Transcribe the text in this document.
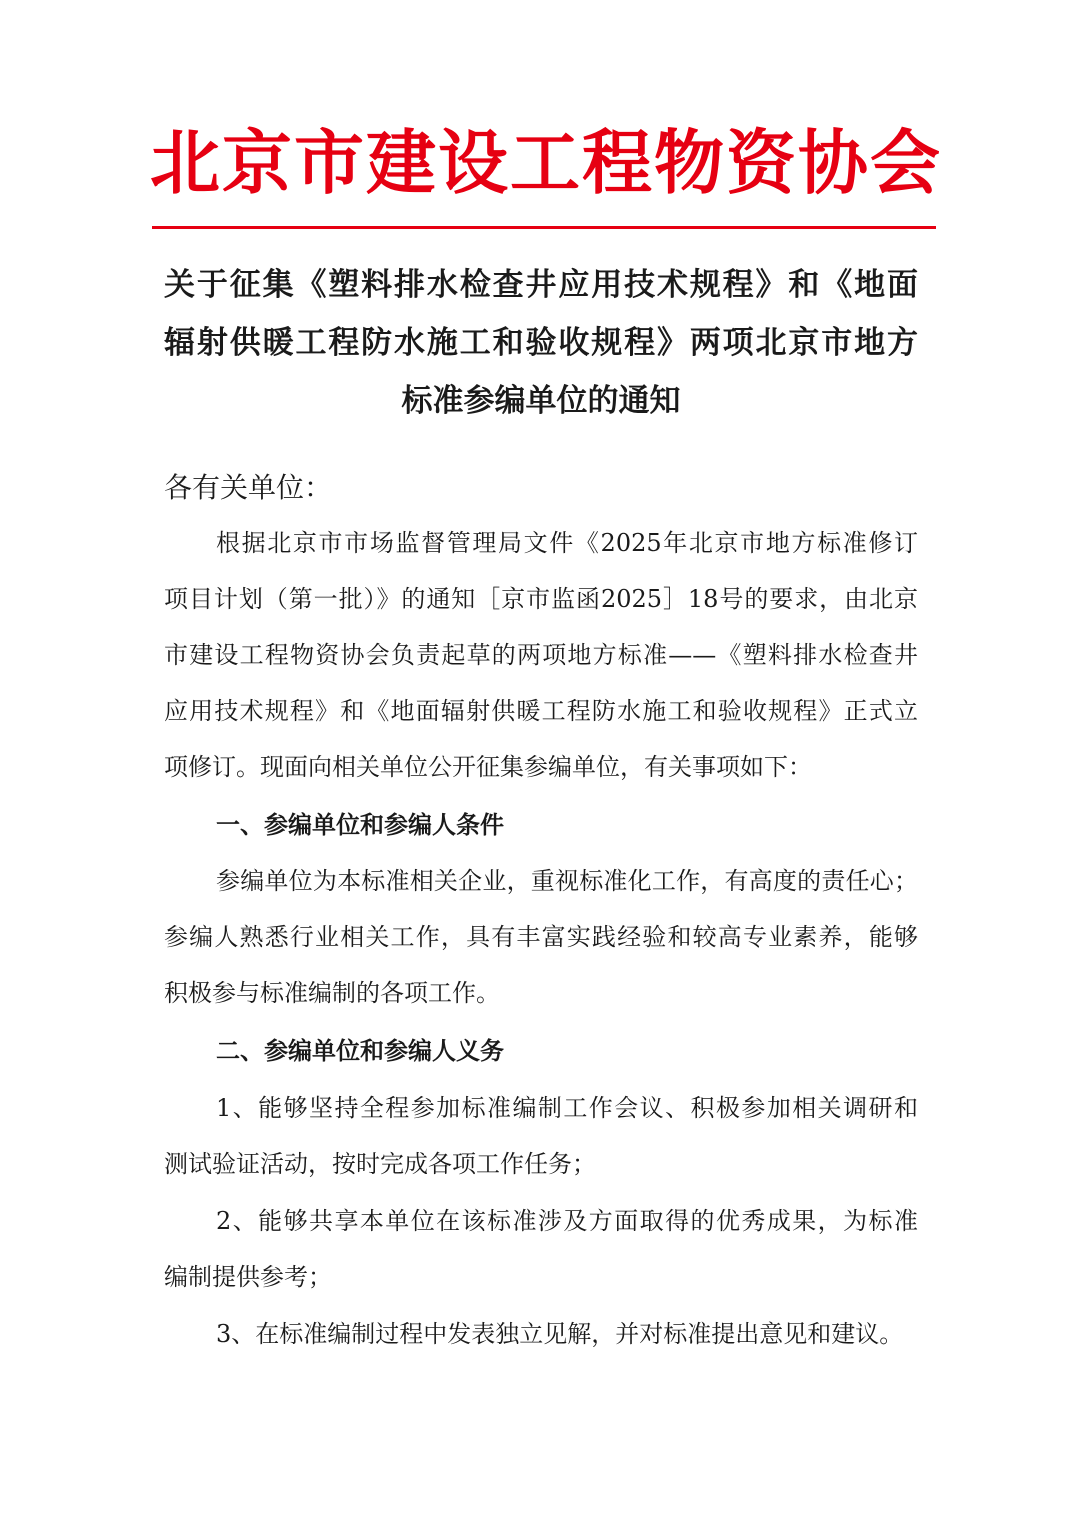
北京市建设工程物资协会
关于征集《塑料排水检查井应用技术规程》和《地面
辐射供暖工程防水施工和验收规程》两项北京市地方
标准参编单位的通知
各有关单位：
根据北京市市场监督管理局文件《2025年北京市地方标准修订
项目计划（第一批）》的通知［京市监函2025］18号的要求，由北京
市建设工程物资协会负责起草的两项地方标准——《塑料排水检查井
应用技术规程》和《地面辐射供暖工程防水施工和验收规程》正式立
项修订。现面向相关单位公开征集参编单位，有关事项如下：
一、参编单位和参编人条件
参编单位为本标准相关企业，重视标准化工作，有高度的责任心；
参编人熟悉行业相关工作，具有丰富实践经验和较高专业素养，能够
积极参与标准编制的各项工作。
二、参编单位和参编人义务
1、能够坚持全程参加标准编制工作会议、积极参加相关调研和
测试验证活动，按时完成各项工作任务；
2、能够共享本单位在该标准涉及方面取得的优秀成果，为标准
编制提供参考；
3、在标准编制过程中发表独立见解，并对标准提出意见和建议。
